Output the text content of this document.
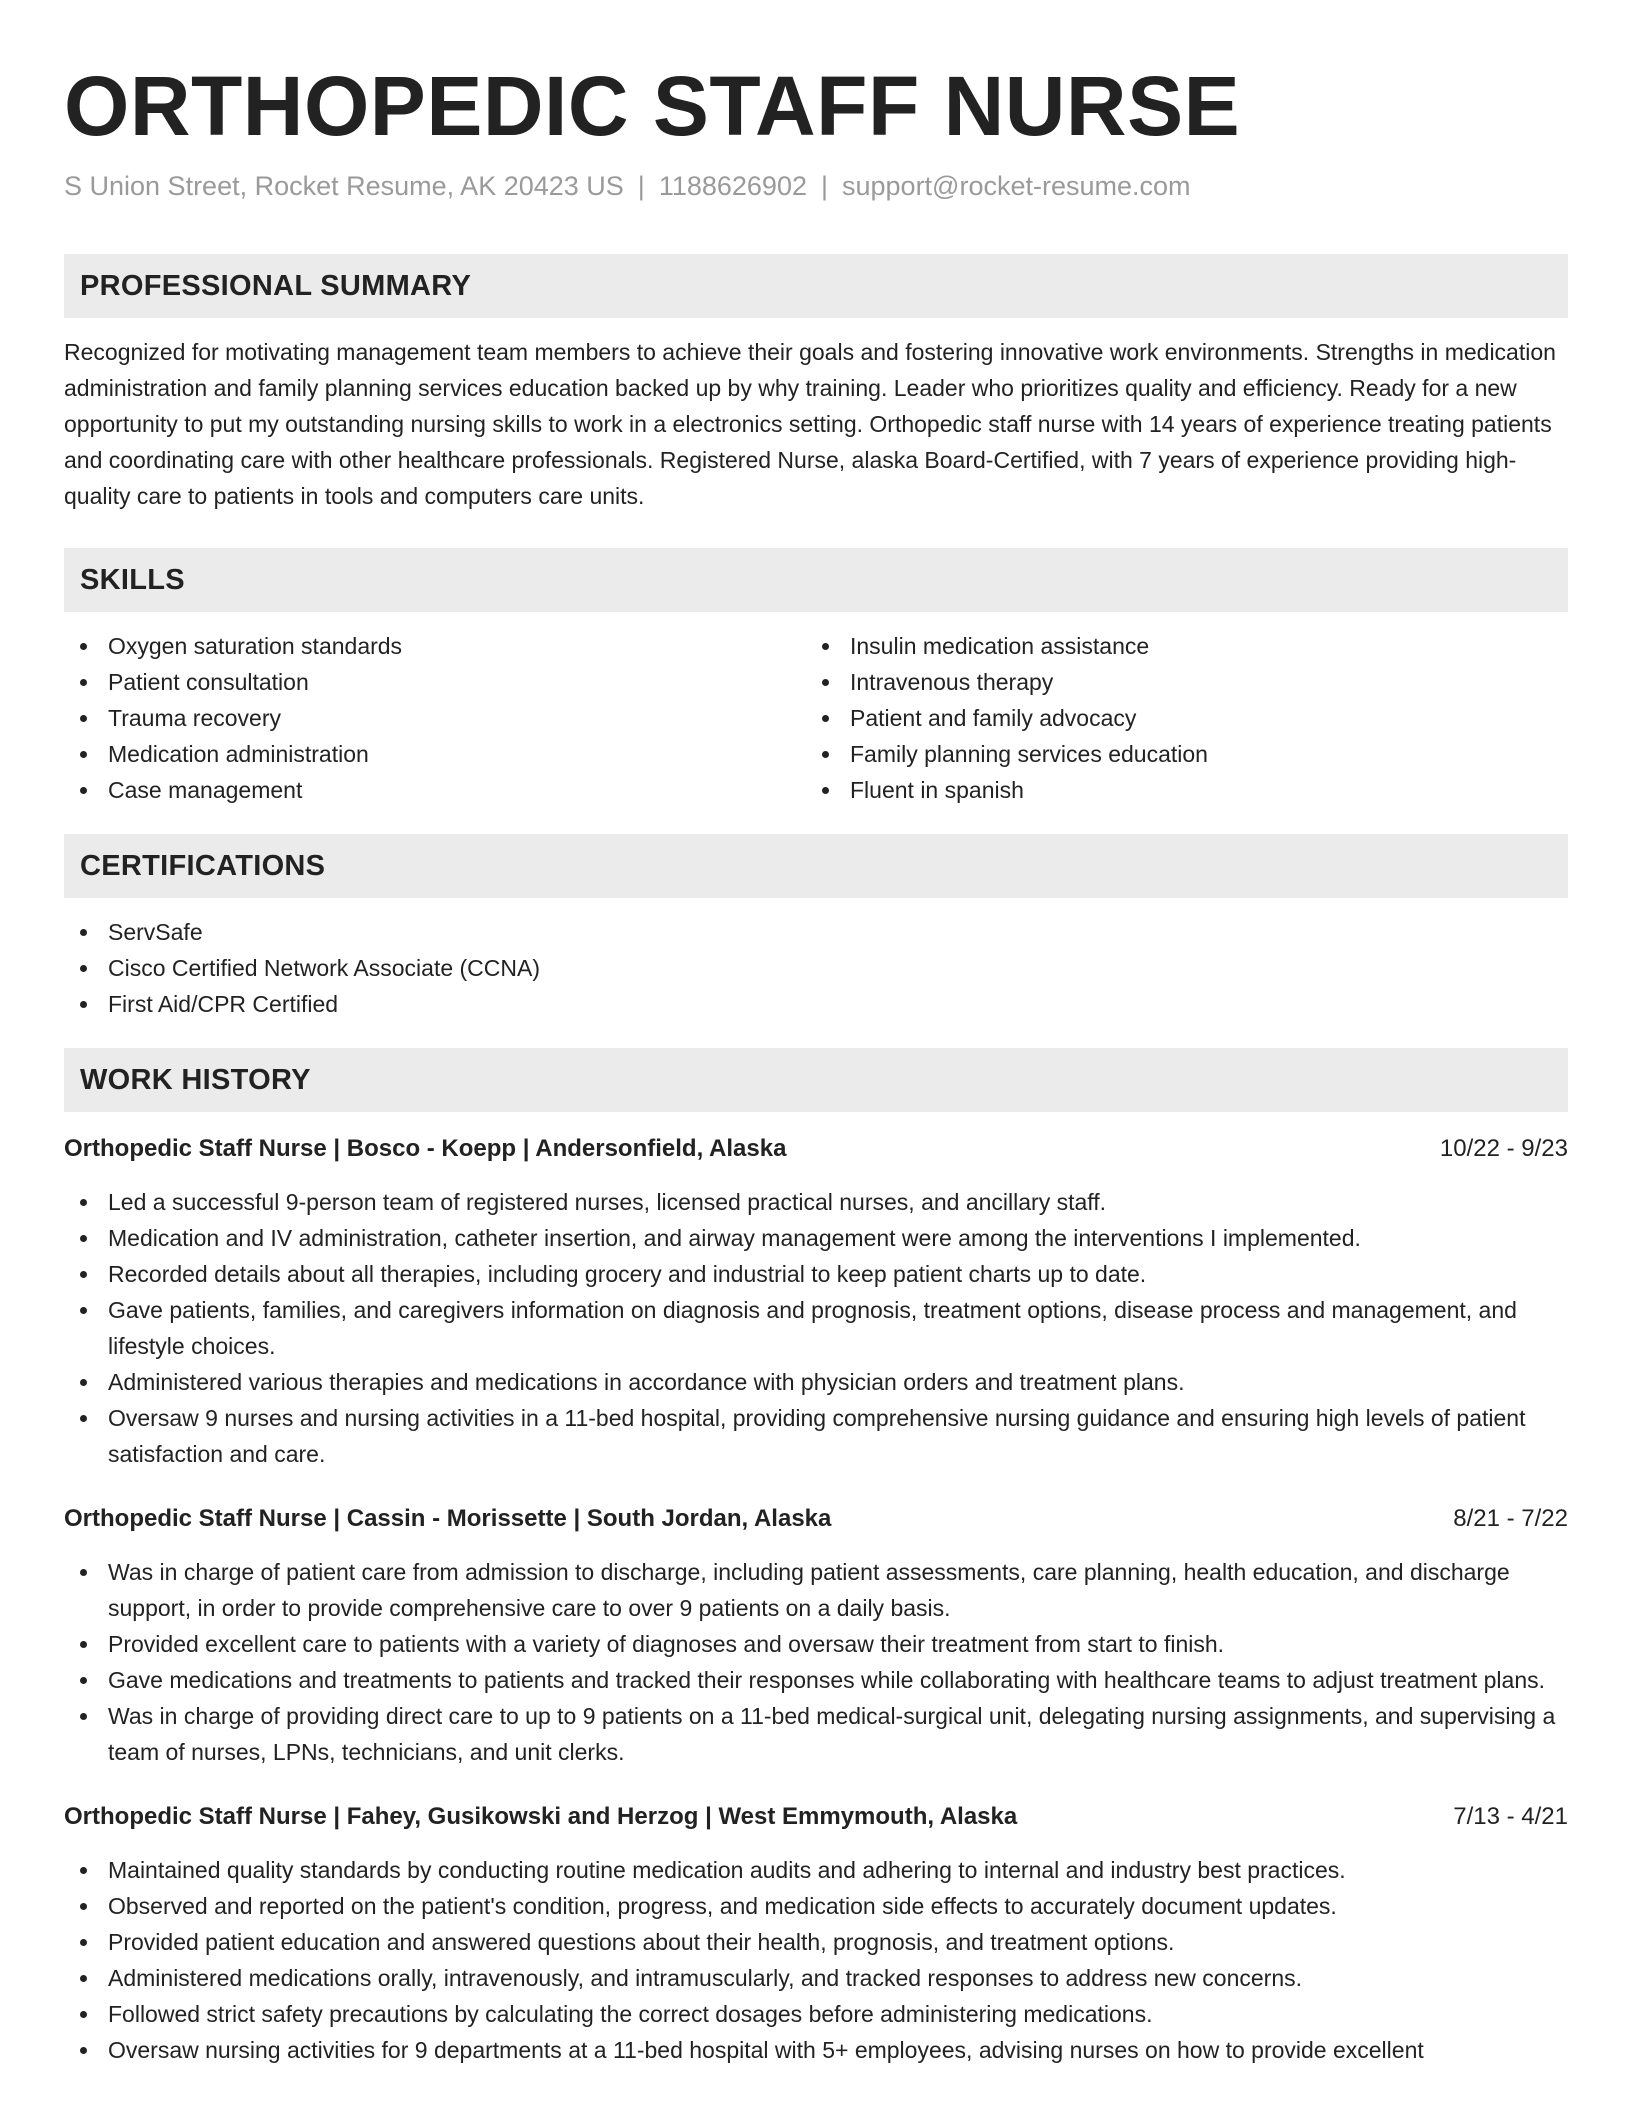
ORTHOPEDIC STAFF NURSE
S Union Street, Rocket Resume, AK 20423 US | 1188626902 | support@rocket-resume.com
PROFESSIONAL SUMMARY

Recognized for motivating management team members to achieve their goals and fostering innovative work environments. Strengths in medication administration and family planning services education backed up by why training. Leader who prioritizes quality and efficiency. Ready for a new opportunity to put my outstanding nursing skills to work in a electronics setting. Orthopedic staff nurse with 14 years of experience treating patients and coordinating care with other healthcare professionals. Registered Nurse, alaska Board-Certified, with 7 years of experience providing high-quality care to patients in tools and computers care units.

SKILLS
Oxygen saturation standards
Patient consultation
Trauma recovery
Medication administration
Case management
Insulin medication assistance
Intravenous therapy
Patient and family advocacy
Family planning services education
Fluent in spanish
CERTIFICATIONS
ServSafe
Cisco Certified Network Associate (CCNA)
First Aid/CPR Certified
WORK HISTORY
Orthopedic Staff Nurse | Bosco - Koepp | Andersonfield, Alaska	10/22 - 9/23
Led a successful 9-person team of registered nurses, licensed practical nurses, and ancillary staff.
Medication and IV administration, catheter insertion, and airway management were among the interventions I implemented.
Recorded details about all therapies, including grocery and industrial to keep patient charts up to date.
Gave patients, families, and caregivers information on diagnosis and prognosis, treatment options, disease process and management, and lifestyle choices.
Administered various therapies and medications in accordance with physician orders and treatment plans.
Oversaw 9 nurses and nursing activities in a 11-bed hospital, providing comprehensive nursing guidance and ensuring high levels of patient satisfaction and care.
Orthopedic Staff Nurse | Cassin - Morissette | South Jordan, Alaska	8/21 - 7/22
Was in charge of patient care from admission to discharge, including patient assessments, care planning, health education, and discharge support, in order to provide comprehensive care to over 9 patients on a daily basis.
Provided excellent care to patients with a variety of diagnoses and oversaw their treatment from start to finish.
Gave medications and treatments to patients and tracked their responses while collaborating with healthcare teams to adjust treatment plans.
Was in charge of providing direct care to up to 9 patients on a 11-bed medical-surgical unit, delegating nursing assignments, and supervising a team of nurses, LPNs, technicians, and unit clerks.
Orthopedic Staff Nurse | Fahey, Gusikowski and Herzog | West Emmymouth, Alaska	7/13 - 4/21
Maintained quality standards by conducting routine medication audits and adhering to internal and industry best practices.
Observed and reported on the patient's condition, progress, and medication side effects to accurately document updates.
Provided patient education and answered questions about their health, prognosis, and treatment options.
Administered medications orally, intravenously, and intramuscularly, and tracked responses to address new concerns.
Followed strict safety precautions by calculating the correct dosages before administering medications.
Oversaw nursing activities for 9 departments at a 11-bed hospital with 5+ employees, advising nurses on how to provide excellent
